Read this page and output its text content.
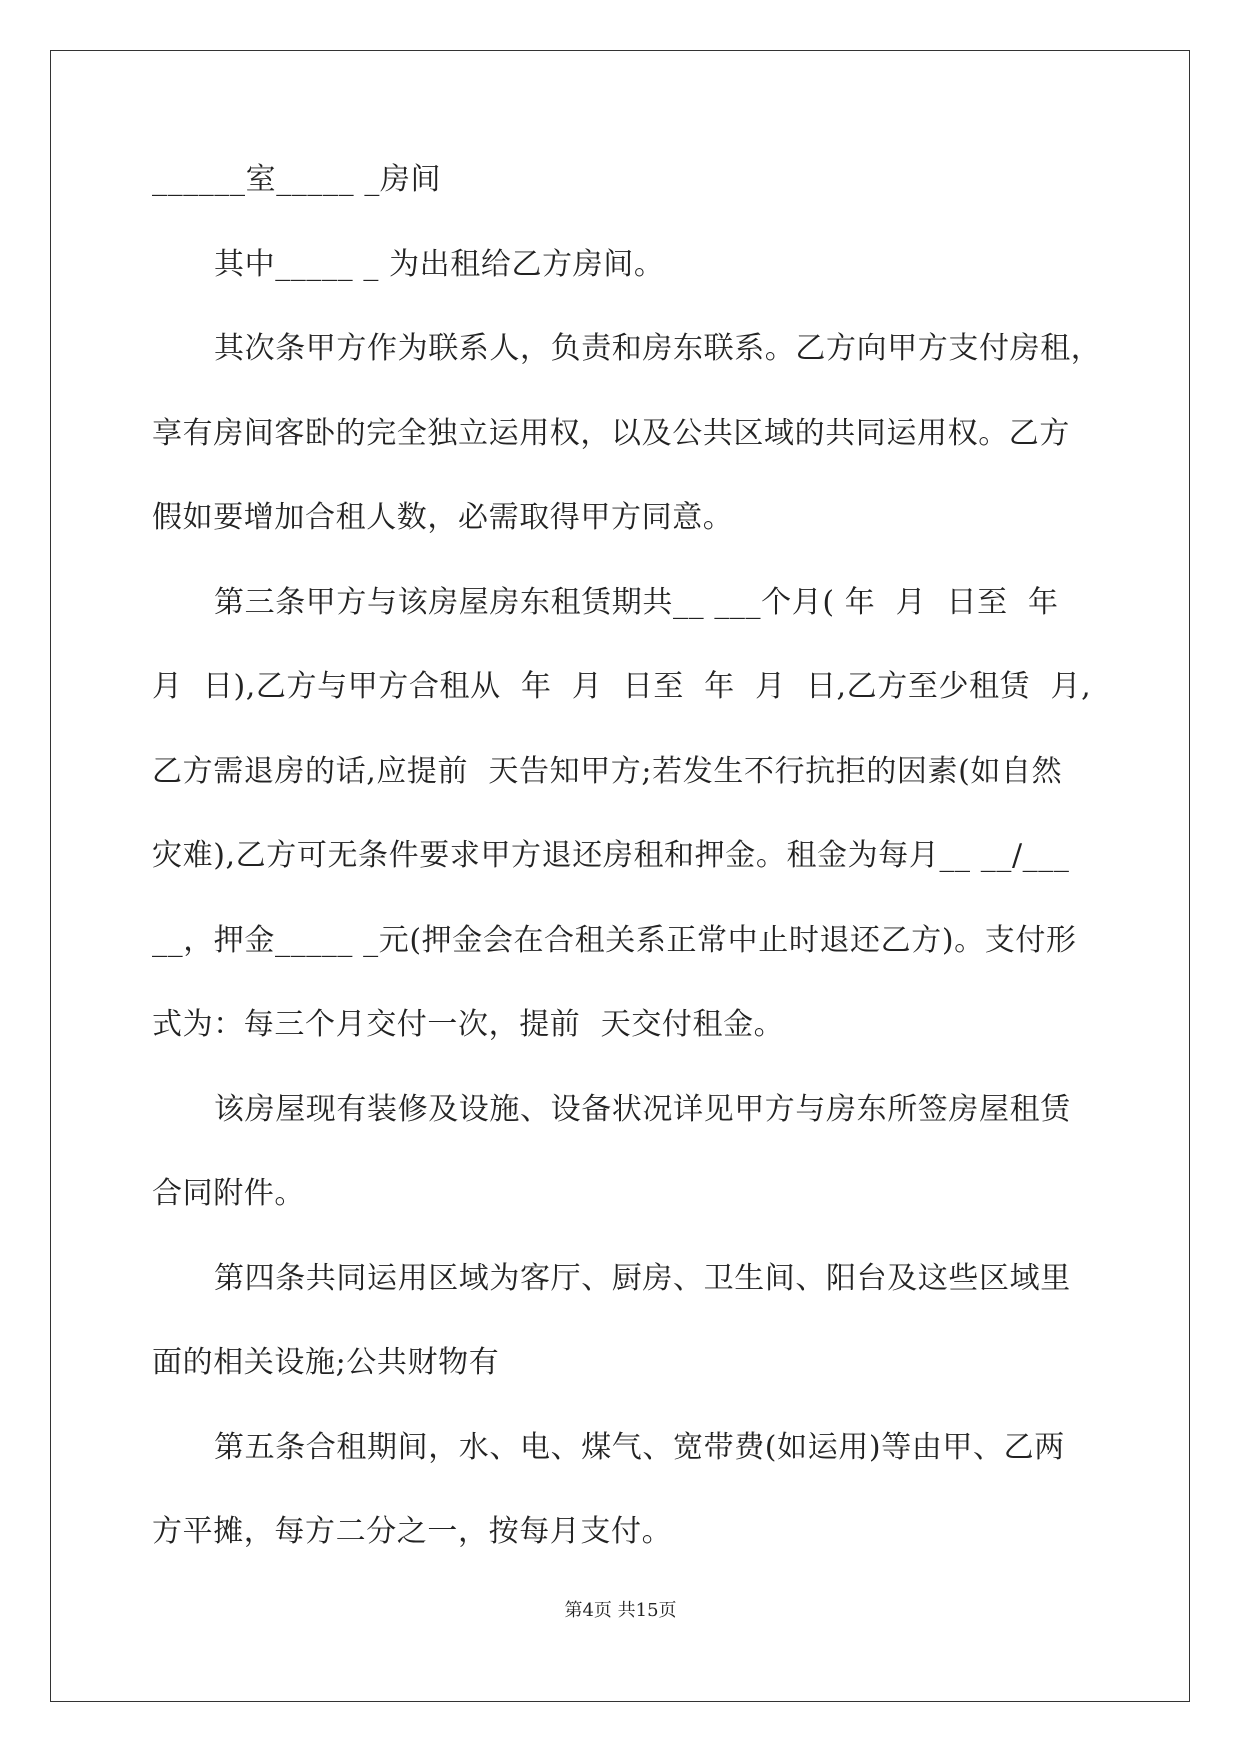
______室_____ _房间
其中_____ _ 为出租给乙方房间。
其次条甲方作为联系人，负责和房东联系。乙方向甲方支付房租，
享有房间客卧的完全独立运用权，以及公共区域的共同运用权。乙方
假如要增加合租人数，必需取得甲方同意。
第三条甲方与该房屋房东租赁期共__ ___个月( 年  月  日至  年
月  日),乙方与甲方合租从  年  月  日至  年  月  日,乙方至少租赁  月,
乙方需退房的话,应提前  天告知甲方;若发生不行抗拒的因素(如自然
灾难),乙方可无条件要求甲方退还房租和押金。租金为每月__ __/___
__，押金_____ _元(押金会在合租关系正常中止时退还乙方)。支付形
式为：每三个月交付一次，提前  天交付租金。
该房屋现有装修及设施、设备状况详见甲方与房东所签房屋租赁
合同附件。
第四条共同运用区域为客厅、厨房、卫生间、阳台及这些区域里
面的相关设施;公共财物有
第五条合租期间，水、电、煤气、宽带费(如运用)等由甲、乙两
方平摊，每方二分之一，按每月支付。
第4页 共15页
